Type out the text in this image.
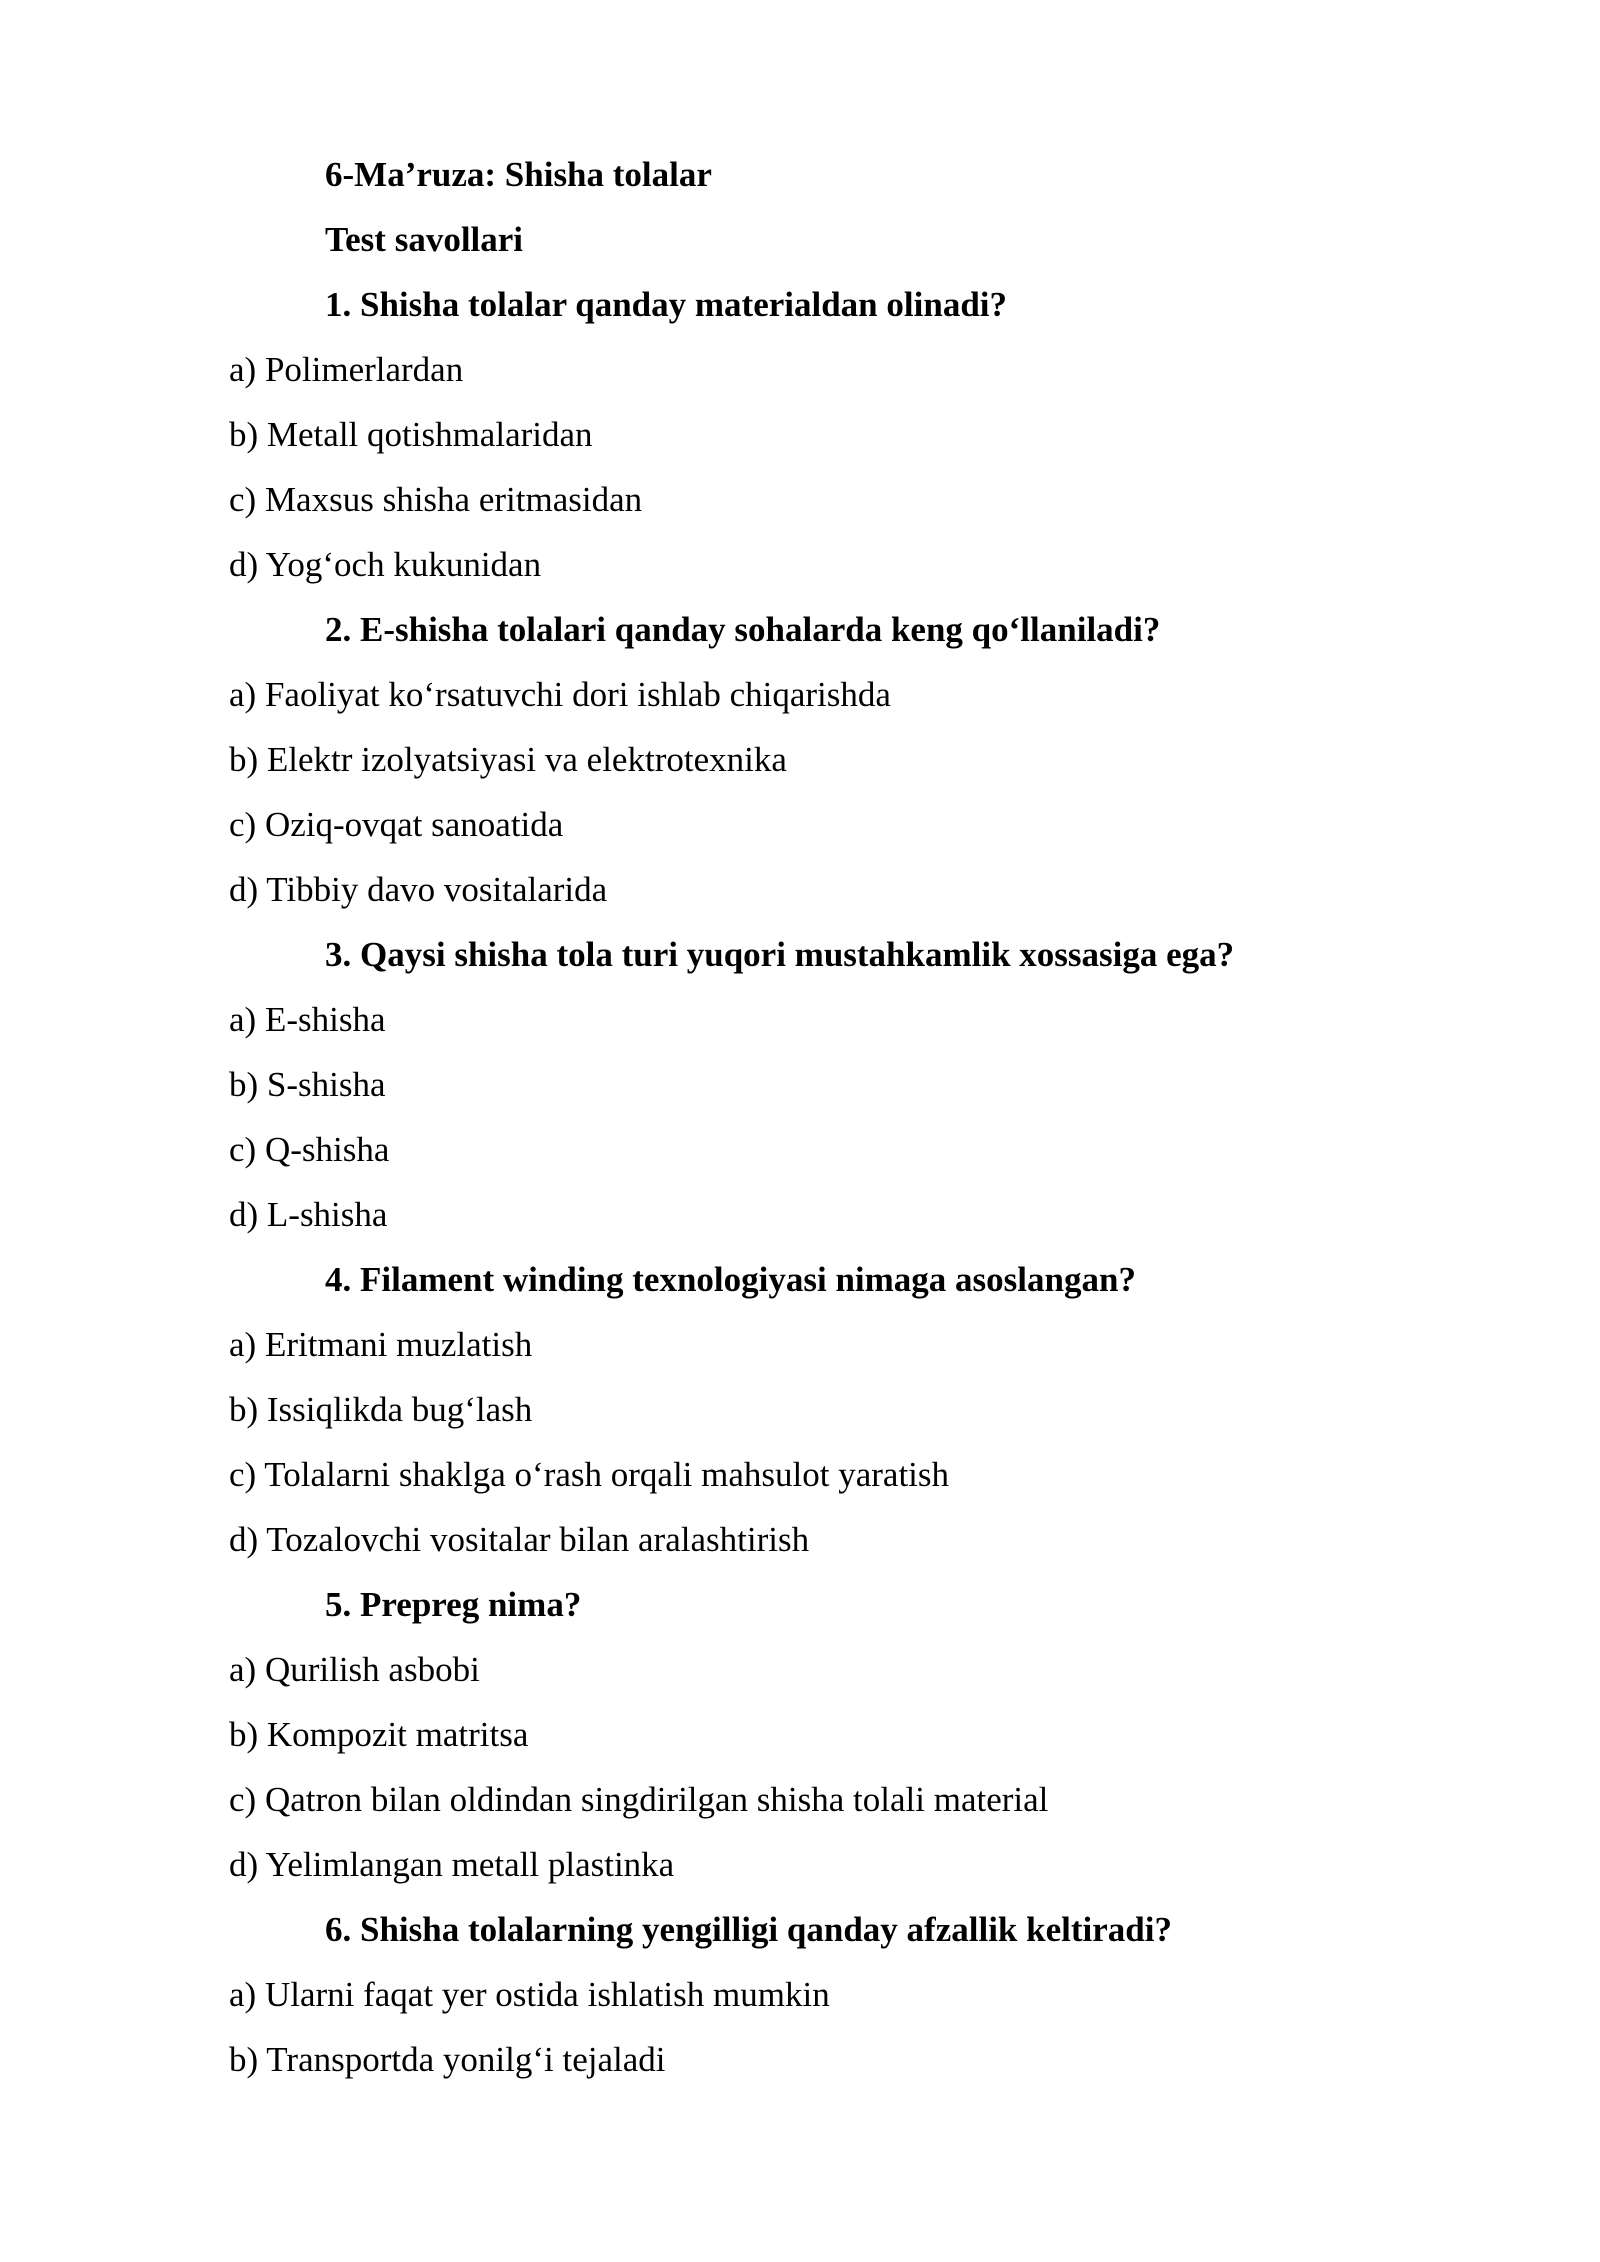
6-Ma’ruza: Shisha tolalar
Test savollari
1. Shisha tolalar qanday materialdan olinadi?
a) Polimerlardan
b) Metall qotishmalaridan
c) Maxsus shisha eritmasidan
d) Yog‘och kukunidan
2. E-shisha tolalari qanday sohalarda keng qo‘llaniladi?
a) Faoliyat ko‘rsatuvchi dori ishlab chiqarishda
b) Elektr izolyatsiyasi va elektrotexnika
c) Oziq-ovqat sanoatida
d) Tibbiy davo vositalarida
3. Qaysi shisha tola turi yuqori mustahkamlik xossasiga ega?
a) E-shisha
b) S-shisha
c) Q-shisha
d) L-shisha
4. Filament winding texnologiyasi nimaga asoslangan?
a) Eritmani muzlatish
b) Issiqlikda bug‘lash
c) Tolalarni shaklga o‘rash orqali mahsulot yaratish
d) Tozalovchi vositalar bilan aralashtirish
5. Prepreg nima?
a) Qurilish asbobi
b) Kompozit matritsa
c) Qatron bilan oldindan singdirilgan shisha tolali material
d) Yelimlangan metall plastinka
6. Shisha tolalarning yengilligi qanday afzallik keltiradi?
a) Ularni faqat yer ostida ishlatish mumkin
b) Transportda yonilg‘i tejaladi
